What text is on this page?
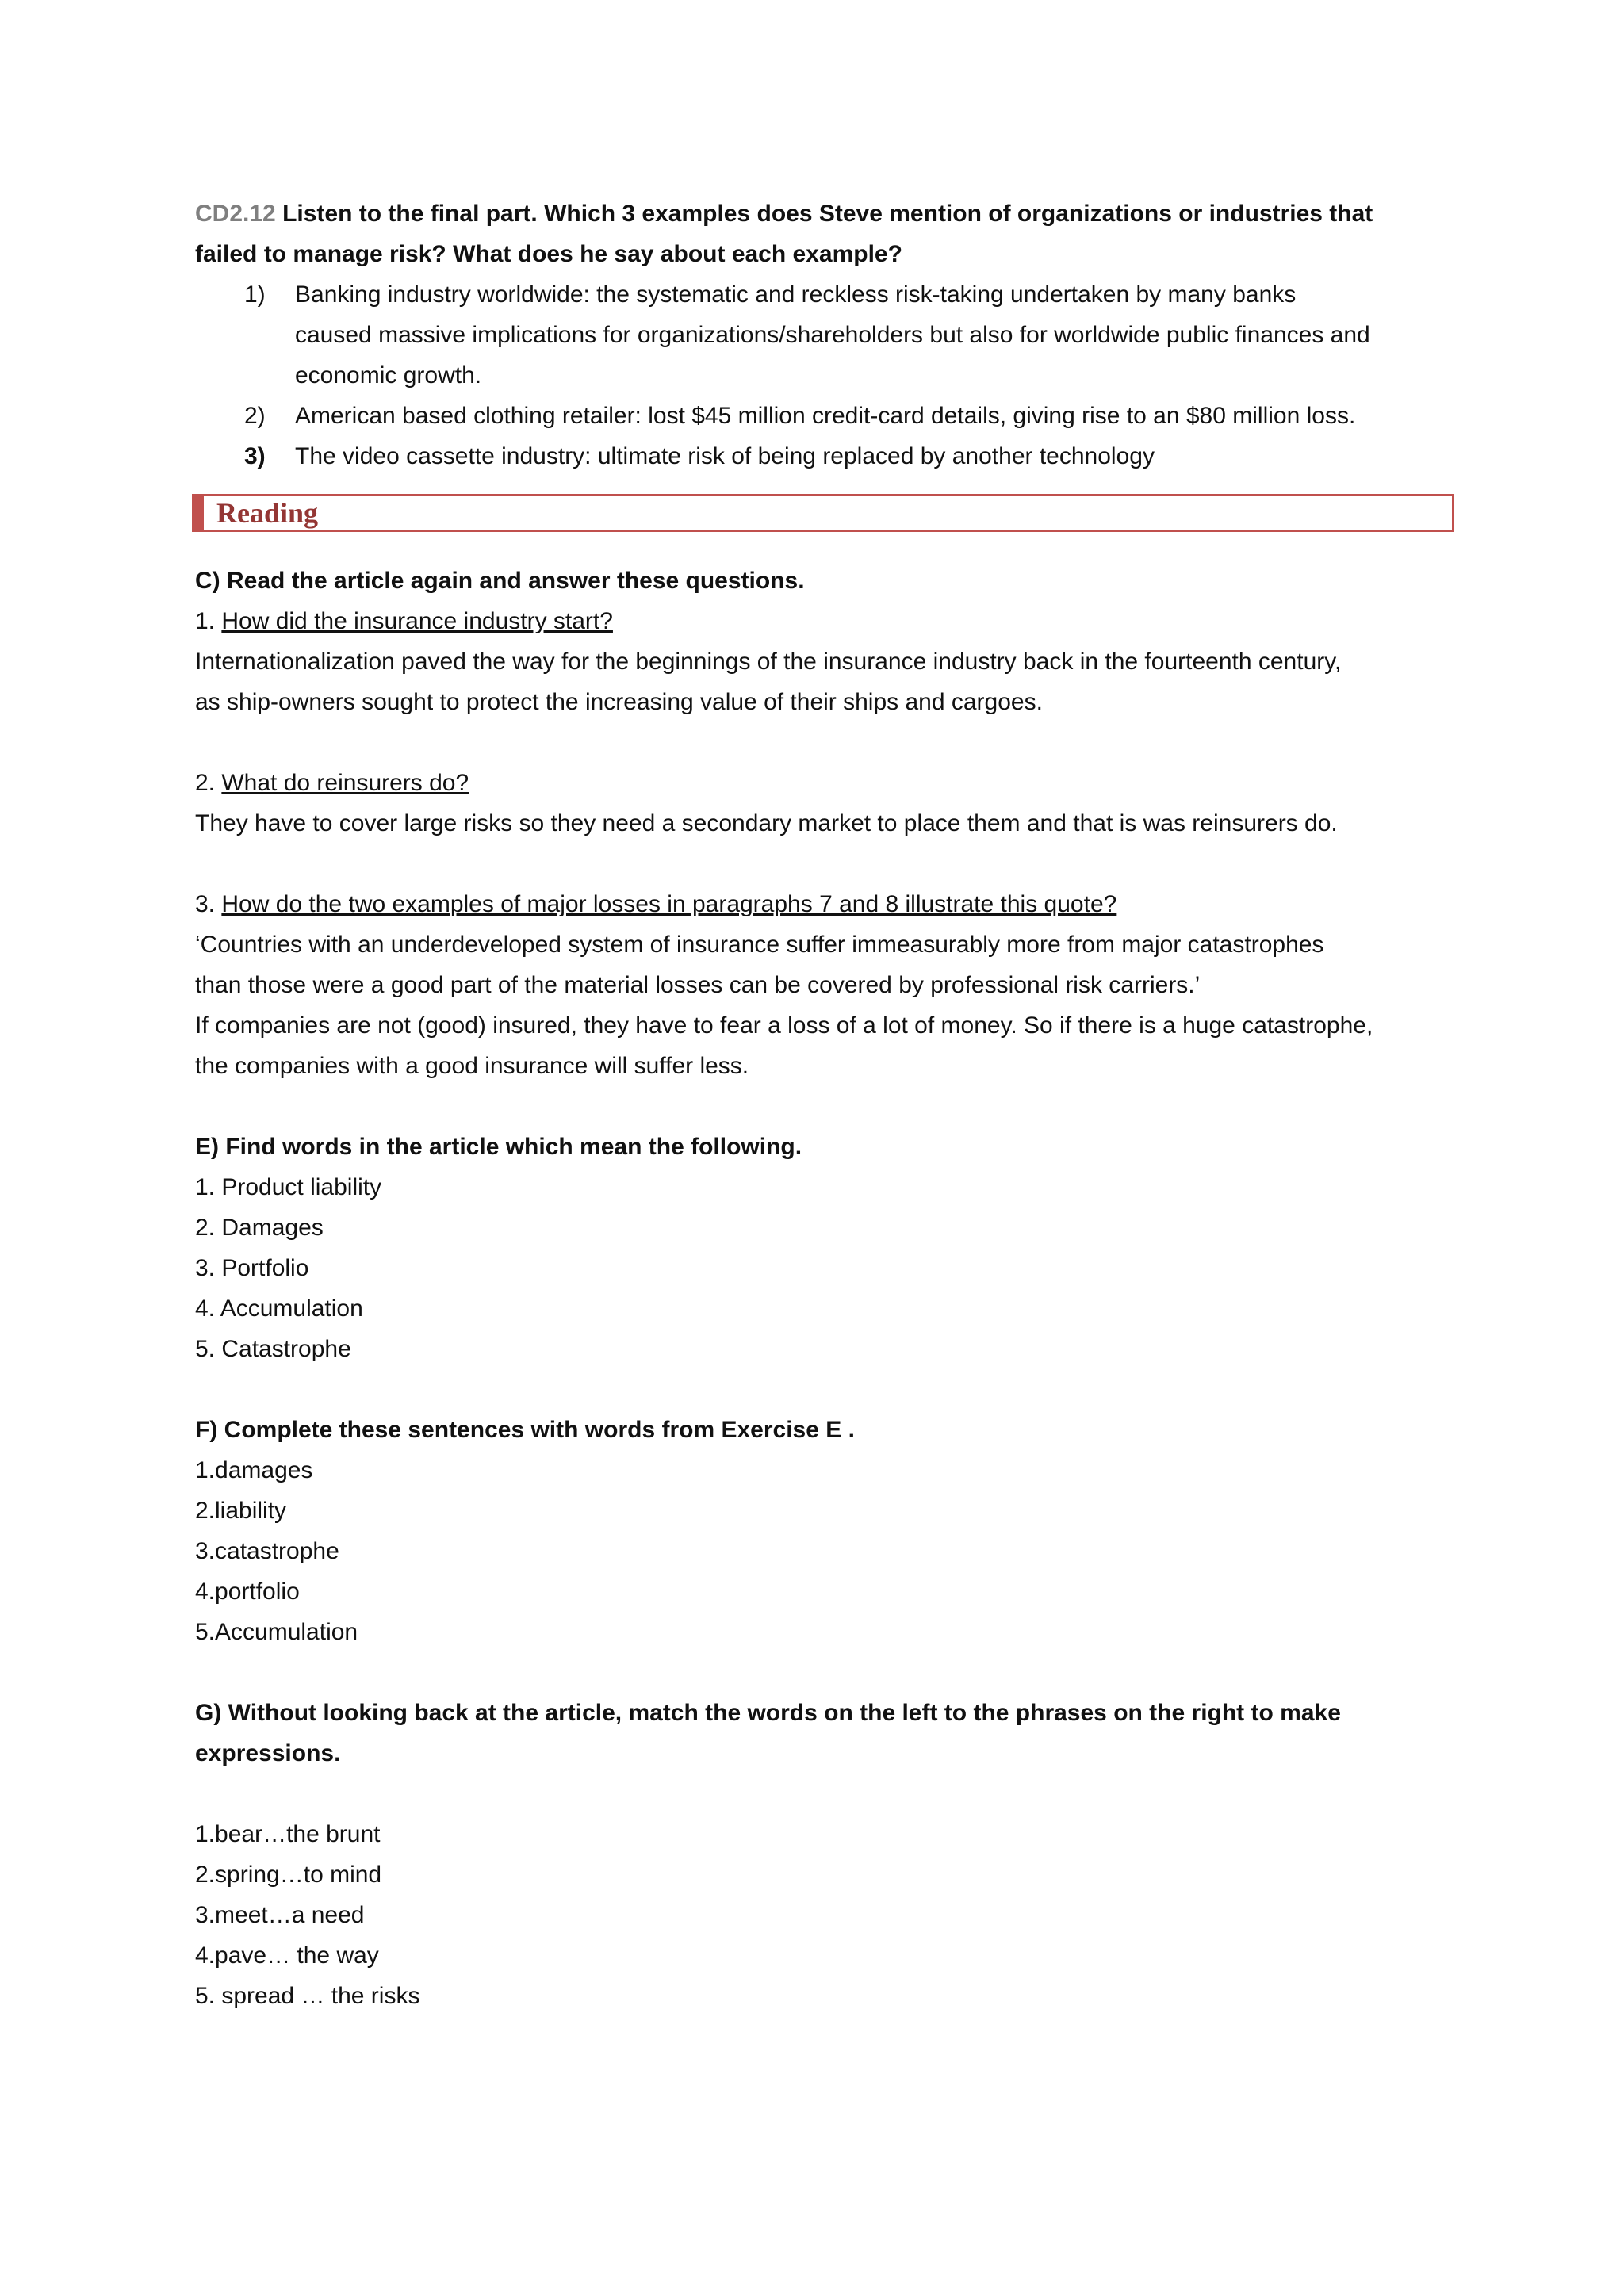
CD2.12 Listen to the final part. Which 3 examples does Steve mention of organizations or industries that

failed to manage risk? What does he say about each example?

1) Banking industry worldwide: the systematic and reckless risk-taking undertaken by many banks
caused massive implications for organizations/shareholders but also for worldwide public finances and
economic growth.
2) American based clothing retailer: lost $45 million credit-card details, giving rise to an $80 million loss.
3) The video cassette industry: ultimate risk of being replaced by another technology
Reading

C) Read the article again and answer these questions.

1. How did the insurance industry start?

Internationalization paved the way for the beginnings of the insurance industry back in the fourteenth century,

as ship-owners sought to protect the increasing value of their ships and cargoes.

2. What do reinsurers do?

They have to cover large risks so they need a secondary market to place them and that is was reinsurers do.

3. How do the two examples of major losses in paragraphs 7 and 8 illustrate this quote?

‘Countries with an underdeveloped system of insurance suffer immeasurably more from major catastrophes

than those were a good part of the material losses can be covered by professional risk carriers.’

If companies are not (good) insured, they have to fear a loss of a lot of money. So if there is a huge catastrophe,

the companies with a good insurance will suffer less.

E) Find words in the article which mean the following.

1. Product liability

2. Damages

3. Portfolio

4. Accumulation

5. Catastrophe

F) Complete these sentences with words from Exercise E .

1.damages

2.liability

3.catastrophe

4.portfolio

5.Accumulation

G) Without looking back at the article, match the words on the left to the phrases on the right to make

expressions.

1.bear…the brunt

2.spring…to mind

3.meet…a need

4.pave… the way

5. spread … the risks
